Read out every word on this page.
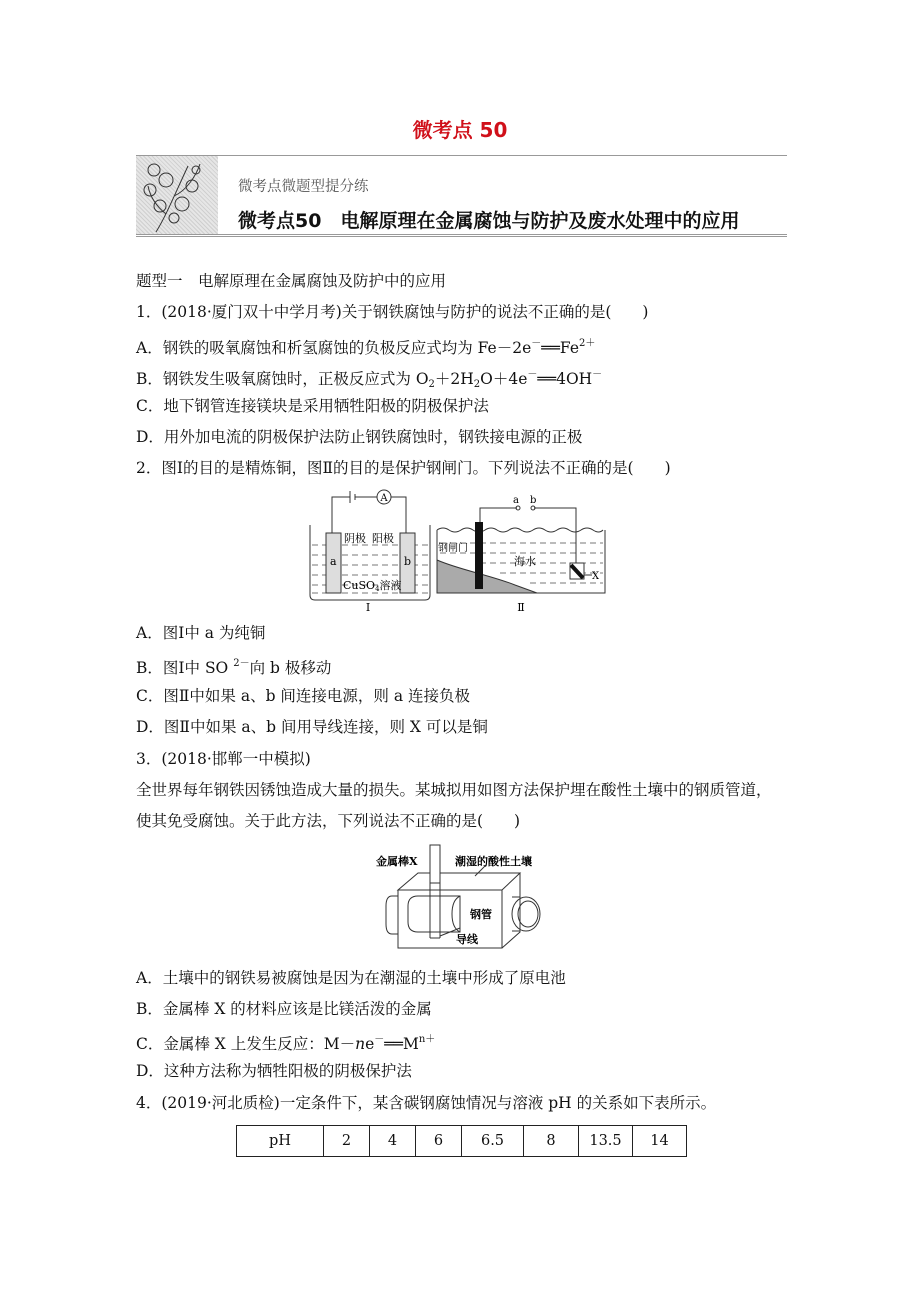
微考点 50
微考点微题型提分练
微考点50　电解原理在金属腐蚀与防护及废水处理中的应用
题型一　电解原理在金属腐蚀及防护中的应用
1．(2018·厦门双十中学月考)关于钢铁腐蚀与防护的说法不正确的是(　　)
A．钢铁的吸氧腐蚀和析氢腐蚀的负极反应式均为 $Fe-2e^-══Fe^{2+}$
B．钢铁发生吸氧腐蚀时，正极反应式为 $O_2+2H_2O+4e^-══4OH^-$
C．地下钢管连接镁块是采用牺牲阳极的阴极保护法
D．用外加电流的阴极保护法防止钢铁腐蚀时，钢铁接电源的正极
2．图Ⅰ的目的是精炼铜，图Ⅱ的目的是保护钢闸门。下列说法不正确的是(　　)
A
阴极 阳极
a	b
CuSO4溶液
Ⅰ
a b
钢闸门
海水
X
Ⅱ
A．图Ⅰ中 a 为纯铜
B．图Ⅰ中 SO $^{2-}$向 b 极移动
C．图Ⅱ中如果 a、b 间连接电源，则 a 连接负极
D．图Ⅱ中如果 a、b 间用导线连接，则 X 可以是铜
3．(2018·邯郸一中模拟)
全世界每年钢铁因锈蚀造成大量的损失。某城拟用如图方法保护埋在酸性土壤中的钢质管道，
使其免受腐蚀。关于此方法，下列说法不正确的是(　　)
金属棒X	潮湿的酸性土壤
钢管
导线
A．土壤中的钢铁易被腐蚀是因为在潮湿的土壤中形成了原电池
B．金属棒 X 的材料应该是比镁活泼的金属
C．金属棒 X 上发生反应：$M-ne^-══M^{n+}$
D．这种方法称为牺牲阳极的阴极保护法
4．(2019·河北质检)一定条件下，某含碳钢腐蚀情况与溶液 pH 的关系如下表所示。
pH	2	4	6	6.5	8	13.5	14
